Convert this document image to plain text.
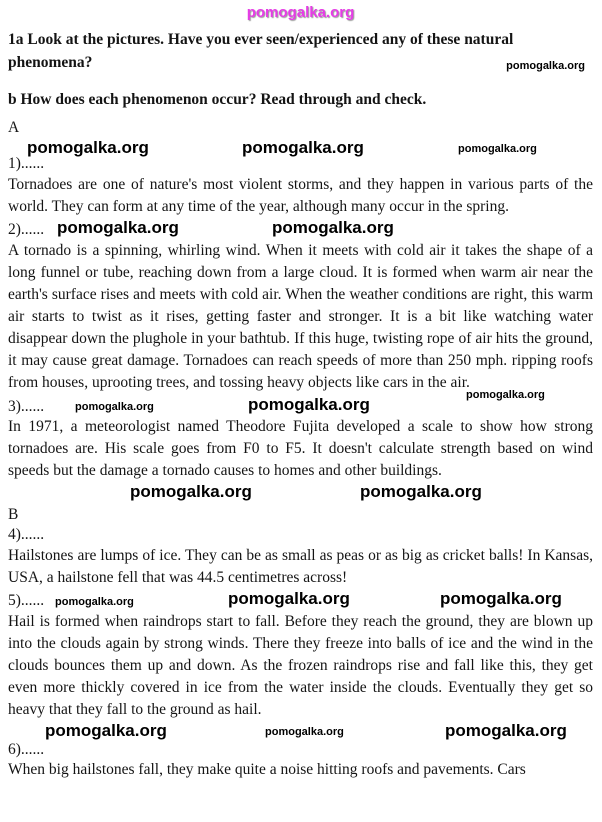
pomogalka.org
1a Look at the pictures. Have you ever seen/experienced any of these natural phenomena?	pomogalka.org
b How does each phenomenon occur? Read through and check.
A
pomogalka.org	pomogalka.org	pomogalka.org
1)......

Tornadoes are one of nature's most violent storms, and they happen in various parts of the world. They can form at any time of the year, although many occur in the spring.

2)...... pomogalka.org	pomogalka.org

A tornado is a spinning, whirling wind. When it meets with cold air it takes the shape of a long funnel or tube, reaching down from a large cloud. It is formed when warm air near the earth's surface rises and meets with cold air. When the weather conditions are right, this warm air starts to twist as it rises, getting faster and stronger. It is a bit like watching water disappear down the plughole in your bathtub. If this huge, twisting rope of air hits the ground, it may cause great damage. Tornadoes can reach speeds of more than 250 mph. ripping roofs from houses, uprooting trees, and tossing heavy objects like cars in the air.

3)......	pomogalka.org	pomogalka.org	pomogalka.org

In 1971, a meteorologist named Theodore Fujita developed a scale to show how strong tornadoes are. His scale goes from F0 to F5. It doesn't calculate strength based on wind speeds but the damage a tornado causes to homes and other buildings.

pomogalka.org	pomogalka.org
B
4)......

Hailstones are lumps of ice. They can be as small as peas or as big as cricket balls! In Kansas, USA, a hailstone fell that was 44.5 centimetres across!

5)...... pomogalka.org	pomogalka.org	pomogalka.org

Hail is formed when raindrops start to fall. Before they reach the ground, they are blown up into the clouds again by strong winds. There they freeze into balls of ice and the wind in the clouds bounces them up and down. As the frozen raindrops rise and fall like this, they get even more thickly covered in ice from the water inside the clouds. Eventually they get so heavy that they fall to the ground as hail.

pomogalka.org	pomogalka.org	pomogalka.org
6)......

When big hailstones fall, they make quite a noise hitting roofs and pavements. Cars
